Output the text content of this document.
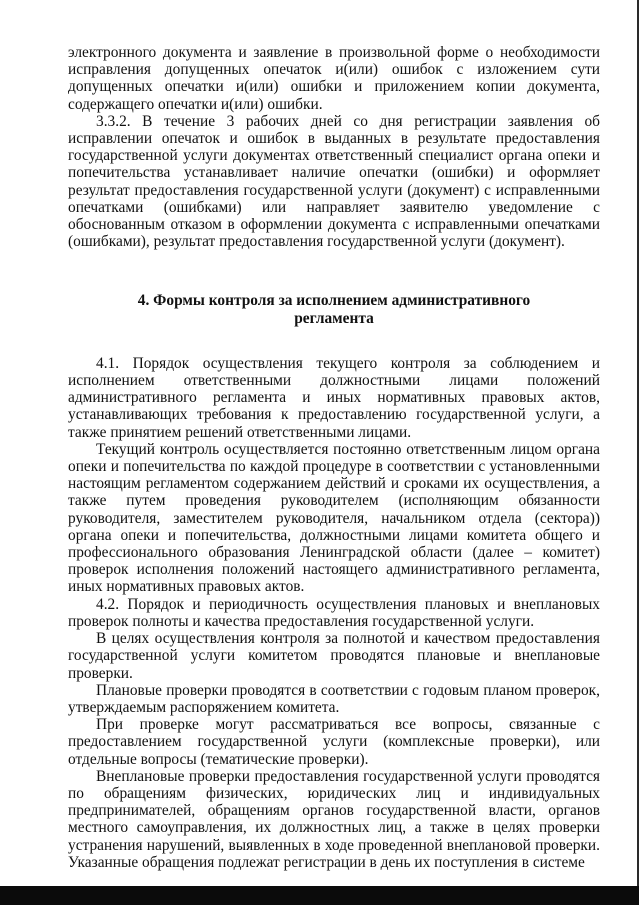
электронного документа и заявление в произвольной форме о необходимости исправления допущенных опечаток и(или) ошибок с изложением сути допущенных опечатки и(или) ошибки и приложением копии документа, содержащего опечатки и(или) ошибки.

3.3.2. В течение 3 рабочих дней со дня регистрации заявления об исправлении опечаток и ошибок в выданных в результате предоставления государственной услуги документах ответственный специалист органа опеки и попечительства устанавливает наличие опечатки (ошибки) и оформляет результат предоставления государственной услуги (документ) с исправленными опечатками (ошибками) или направляет заявителю уведомление с обоснованным отказом в оформлении документа с исправленными опечатками (ошибками), результат предоставления государственной услуги (документ).

4. Формы контроля за исполнением административного
регламента

4.1. Порядок осуществления текущего контроля за соблюдением и исполнением ответственными должностными лицами положений административного регламента и иных нормативных правовых актов, устанавливающих требования к предоставлению государственной услуги, а также принятием решений ответственными лицами.

Текущий контроль осуществляется постоянно ответственным лицом органа опеки и попечительства по каждой процедуре в соответствии с установленными настоящим регламентом содержанием действий и сроками их осуществления, а также путем проведения руководителем (исполняющим обязанности руководителя, заместителем руководителя, начальником отдела (сектора)) органа опеки и попечительства, должностными лицами комитета общего и профессионального образования Ленинградской области (далее – комитет) проверок исполнения положений настоящего административного регламента, иных нормативных правовых актов.

4.2. Порядок и периодичность осуществления плановых и внеплановых проверок полноты и качества предоставления государственной услуги.

В целях осуществления контроля за полнотой и качеством предоставления государственной услуги комитетом проводятся плановые и внеплановые проверки.

Плановые проверки проводятся в соответствии с годовым планом проверок, утверждаемым распоряжением комитета.

При проверке могут рассматриваться все вопросы, связанные с предоставлением государственной услуги (комплексные проверки), или отдельные вопросы (тематические проверки).

Внеплановые проверки предоставления государственной услуги проводятся по обращениям физических, юридических лиц и индивидуальных предпринимателей, обращениям органов государственной власти, органов местного самоуправления, их должностных лиц, а также в целях проверки устранения нарушений, выявленных в ходе проведенной внеплановой проверки. Указанные обращения подлежат регистрации в день их поступления в системе
